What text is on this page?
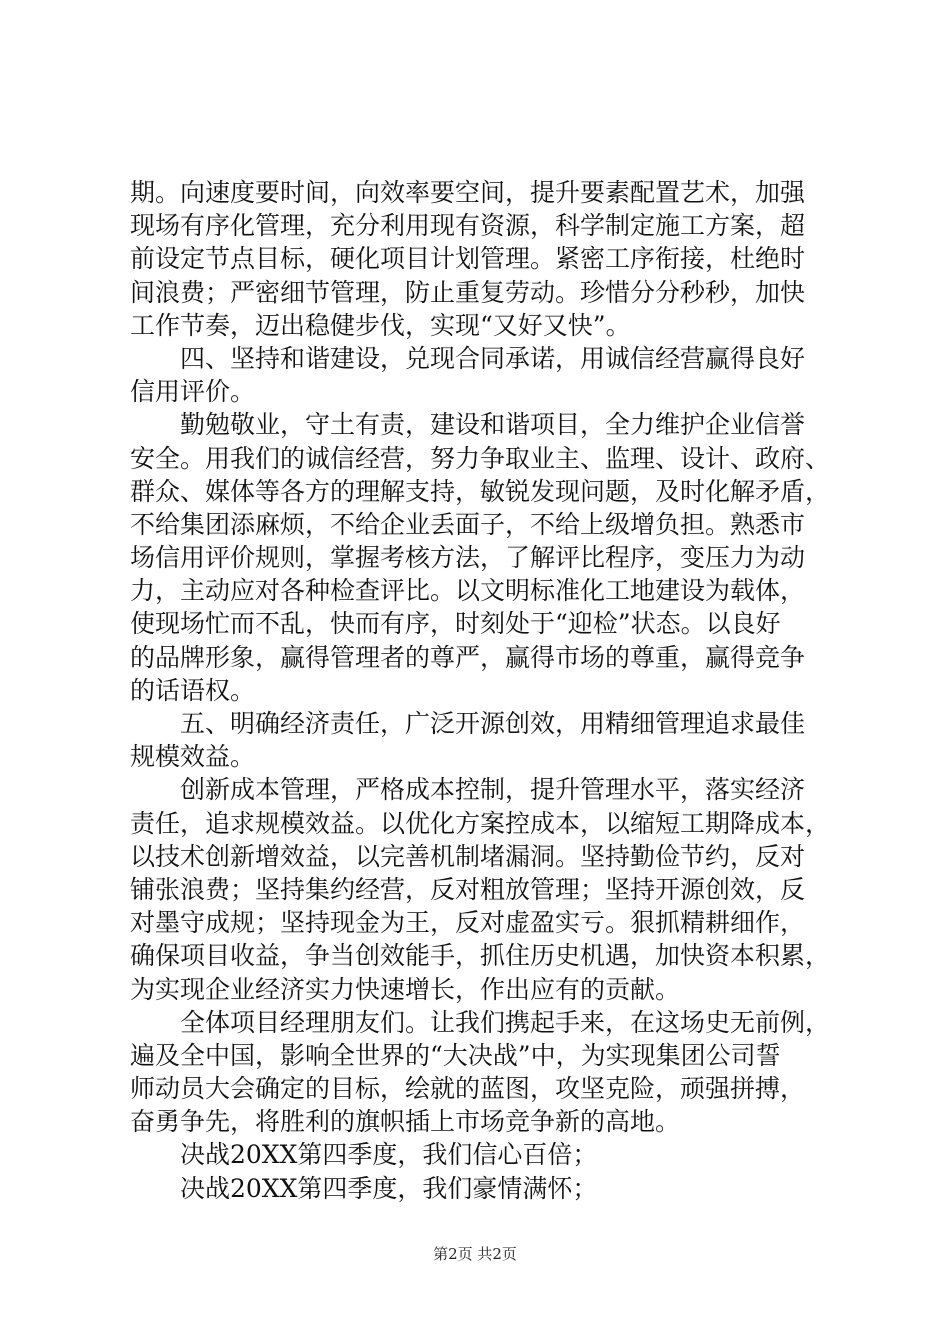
期。向速度要时间，向效率要空间，提升要素配置艺术，加强
现场有序化管理，充分利用现有资源，科学制定施工方案，超
前设定节点目标，硬化项目计划管理。紧密工序衔接，杜绝时
间浪费；严密细节管理，防止重复劳动。珍惜分分秒秒，加快
工作节奏，迈出稳健步伐，实现“又好又快”。
　　四、坚持和谐建设，兑现合同承诺，用诚信经营赢得良好
信用评价。
　　勤勉敬业，守土有责，建设和谐项目，全力维护企业信誉
安全。用我们的诚信经营，努力争取业主、监理、设计、政府、
群众、媒体等各方的理解支持，敏锐发现问题，及时化解矛盾，
不给集团添麻烦，不给企业丢面子，不给上级增负担。熟悉市
场信用评价规则，掌握考核方法，了解评比程序，变压力为动
力，主动应对各种检查评比。以文明标准化工地建设为载体，
使现场忙而不乱，快而有序，时刻处于“迎检”状态。以良好
的品牌形象，赢得管理者的尊严，赢得市场的尊重，赢得竞争
的话语权。
　　五、明确经济责任，广泛开源创效，用精细管理追求最佳
规模效益。
　　创新成本管理，严格成本控制，提升管理水平，落实经济
责任，追求规模效益。以优化方案控成本，以缩短工期降成本，
以技术创新增效益，以完善机制堵漏洞。坚持勤俭节约，反对
铺张浪费；坚持集约经营，反对粗放管理；坚持开源创效，反
对墨守成规；坚持现金为王，反对虚盈实亏。狠抓精耕细作，
确保项目收益，争当创效能手，抓住历史机遇，加快资本积累，
为实现企业经济实力快速增长，作出应有的贡献。
　　全体项目经理朋友们。让我们携起手来，在这场史无前例，
遍及全中国，影响全世界的“大决战”中，为实现集团公司誓
师动员大会确定的目标，绘就的蓝图，攻坚克险，顽强拼搏，
奋勇争先，将胜利的旗帜插上市场竞争新的高地。
　　决战20XX第四季度，我们信心百倍；
　　决战20XX第四季度，我们豪情满怀；
第2页 共2页
